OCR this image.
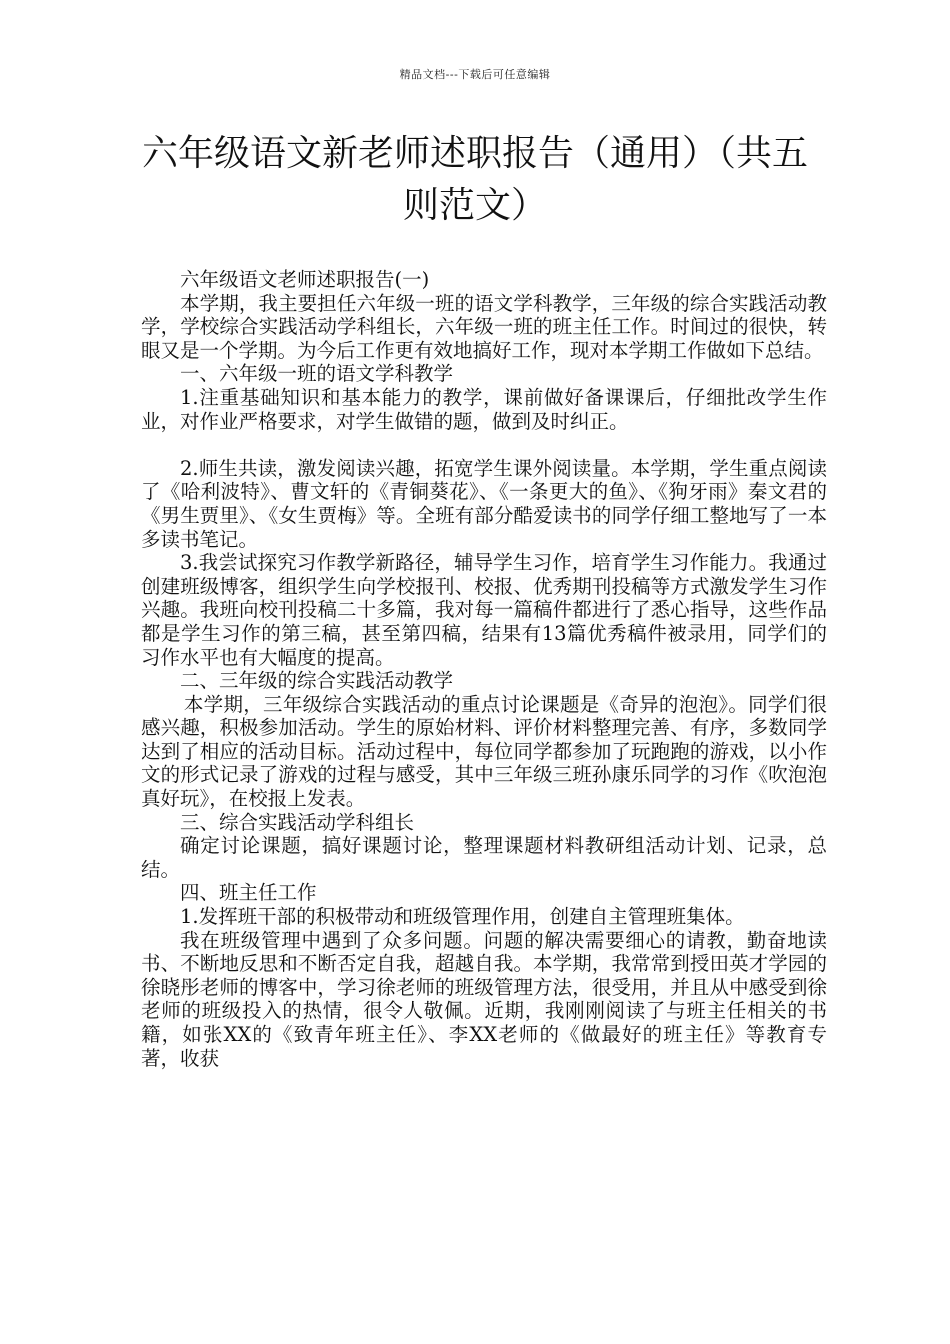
精品文档---下载后可任意编辑
六年级语文新老师述职报告（通用）（共五则范文）

六年级语文老师述职报告(一)

本学期，我主要担任六年级一班的语文学科教学，三年级的综合实践活动教学，学校综合实践活动学科组长，六年级一班的班主任工作。时间过的很快，转眼又是一个学期。为今后工作更有效地搞好工作，现对本学期工作做如下总结。

一、六年级一班的语文学科教学

1.注重基础知识和基本能力的教学，课前做好备课课后，仔细批改学生作业，对作业严格要求，对学生做错的题，做到及时纠正。

2.师生共读，激发阅读兴趣，拓宽学生课外阅读量。本学期，学生重点阅读了《哈利波特》、曹文轩的《青铜葵花》、《一条更大的鱼》、《狗牙雨》秦文君的《男生贾里》、《女生贾梅》等。全班有部分酷爱读书的同学仔细工整地写了一本多读书笔记。

3.我尝试探究习作教学新路径，辅导学生习作，培育学生习作能力。我通过创建班级博客，组织学生向学校报刊、校报、优秀期刊投稿等方式激发学生习作兴趣。我班向校刊投稿二十多篇，我对每一篇稿件都进行了悉心指导，这些作品都是学生习作的第三稿，甚至第四稿，结果有13篇优秀稿件被录用，同学们的习作水平也有大幅度的提高。

二、三年级的综合实践活动教学

本学期，三年级综合实践活动的重点讨论课题是《奇异的泡泡》。同学们很感兴趣，积极参加活动。学生的原始材料、评价材料整理完善、有序，多数同学达到了相应的活动目标。活动过程中，每位同学都参加了玩跑跑的游戏，以小作文的形式记录了游戏的过程与感受，其中三年级三班孙康乐同学的习作《吹泡泡真好玩》，在校报上发表。

三、综合实践活动学科组长

确定讨论课题，搞好课题讨论，整理课题材料教研组活动计划、记录，总结。

四、班主任工作

1.发挥班干部的积极带动和班级管理作用，创建自主管理班集体。

我在班级管理中遇到了众多问题。问题的解决需要细心的请教，勤奋地读书、不断地反思和不断否定自我，超越自我。本学期，我常常到授田英才学园的徐晓彤老师的博客中，学习徐老师的班级管理方法，很受用，并且从中感受到徐老师的班级投入的热情，很令人敬佩。近期，我刚刚阅读了与班主任相关的书籍，如张XX的《致青年班主任》、李XX老师的《做最好的班主任》等教育专著，收获
